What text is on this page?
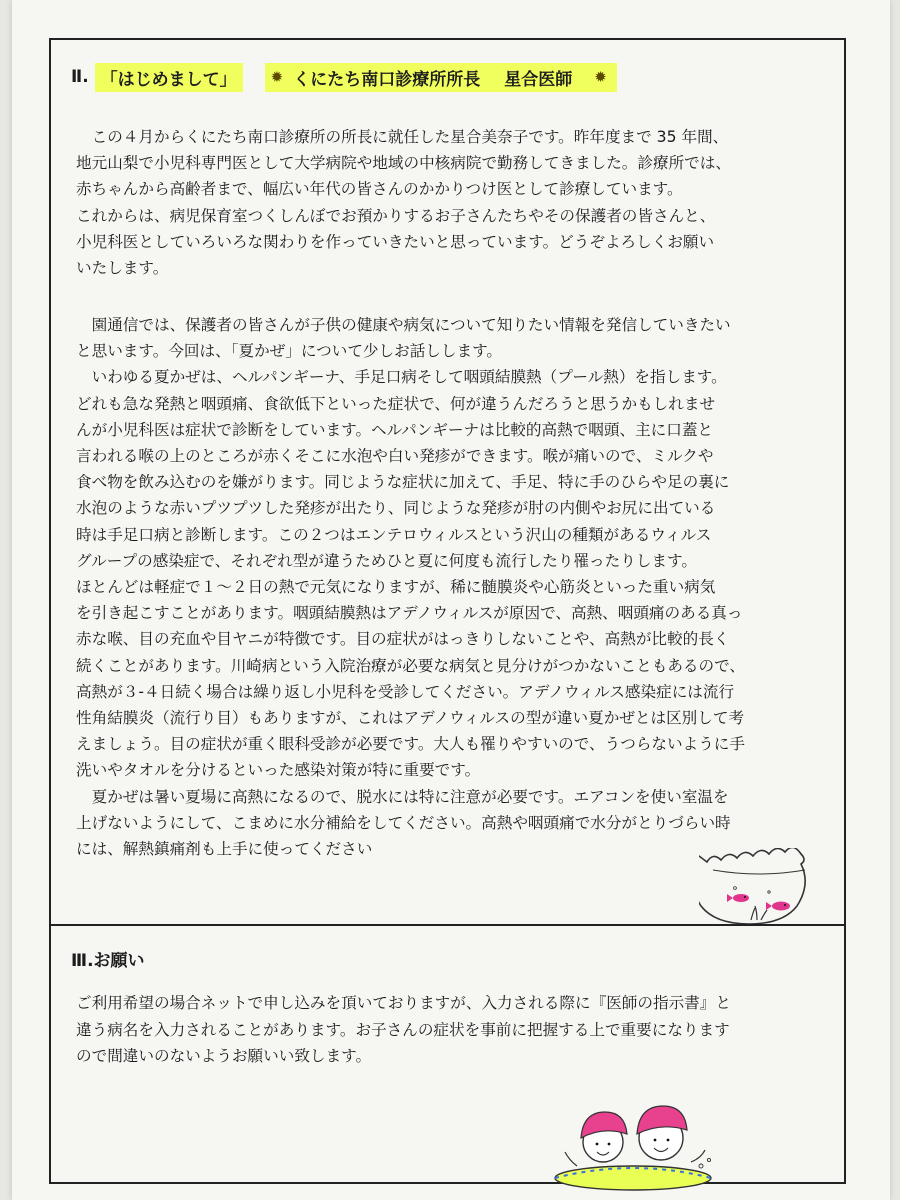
Ⅱ. 「はじめまして」	✹ くにたち南口診療所所長 星合医師 ✹
　この４月からくにたち南口診療所の所長に就任した星合美奈子です。昨年度まで 35 年間、
地元山梨で小児科専門医として大学病院や地域の中核病院で勤務してきました。診療所では、
赤ちゃんから高齢者まで、幅広い年代の皆さんのかかりつけ医として診療しています。
これからは、病児保育室つくしんぼでお預かりするお子さんたちやその保護者の皆さんと、
小児科医としていろいろな関わりを作っていきたいと思っています。どうぞよろしくお願い
いたします。
　園通信では、保護者の皆さんが子供の健康や病気について知りたい情報を発信していきたい
と思います。今回は、「夏かぜ」について少しお話しします。
　いわゆる夏かぜは、ヘルパンギーナ、手足口病そして咽頭結膜熱（プール熱）を指します。
どれも急な発熱と咽頭痛、食欲低下といった症状で、何が違うんだろうと思うかもしれませ
んが小児科医は症状で診断をしています。ヘルパンギーナは比較的高熱で咽頭、主に口蓋と
言われる喉の上のところが赤くそこに水泡や白い発疹ができます。喉が痛いので、ミルクや
食べ物を飲み込むのを嫌がります。同じような症状に加えて、手足、特に手のひらや足の裏に
水泡のような赤いプツプツした発疹が出たり、同じような発疹が肘の内側やお尻に出ている
時は手足口病と診断します。この２つはエンテロウィルスという沢山の種類があるウィルス
グループの感染症で、それぞれ型が違うためひと夏に何度も流行したり罹ったりします。
ほとんどは軽症で１～２日の熱で元気になりますが、稀に髄膜炎や心筋炎といった重い病気
を引き起こすことがあります。咽頭結膜熱はアデノウィルスが原因で、高熱、咽頭痛のある真っ
赤な喉、目の充血や目ヤニが特徴です。目の症状がはっきりしないことや、高熱が比較的長く
続くことがあります。川崎病という入院治療が必要な病気と見分けがつかないこともあるので、
高熱が３-４日続く場合は繰り返し小児科を受診してください。アデノウィルス感染症には流行
性角結膜炎（流行り目）もありますが、これはアデノウィルスの型が違い夏かぜとは区別して考
えましょう。目の症状が重く眼科受診が必要です。大人も罹りやすいので、うつらないように手
洗いやタオルを分けるといった感染対策が特に重要です。
　夏かぜは暑い夏場に高熱になるので、脱水には特に注意が必要です。エアコンを使い室温を
上げないようにして、こまめに水分補給をしてください。高熱や咽頭痛で水分がとりづらい時
には、解熱鎮痛剤も上手に使ってください
Ⅲ.お願い
ご利用希望の場合ネットで申し込みを頂いておりますが、入力される際に『医師の指示書』と
違う病名を入力されることがあります。お子さんの症状を事前に把握する上で重要になります
ので間違いのないようお願いい致します。
